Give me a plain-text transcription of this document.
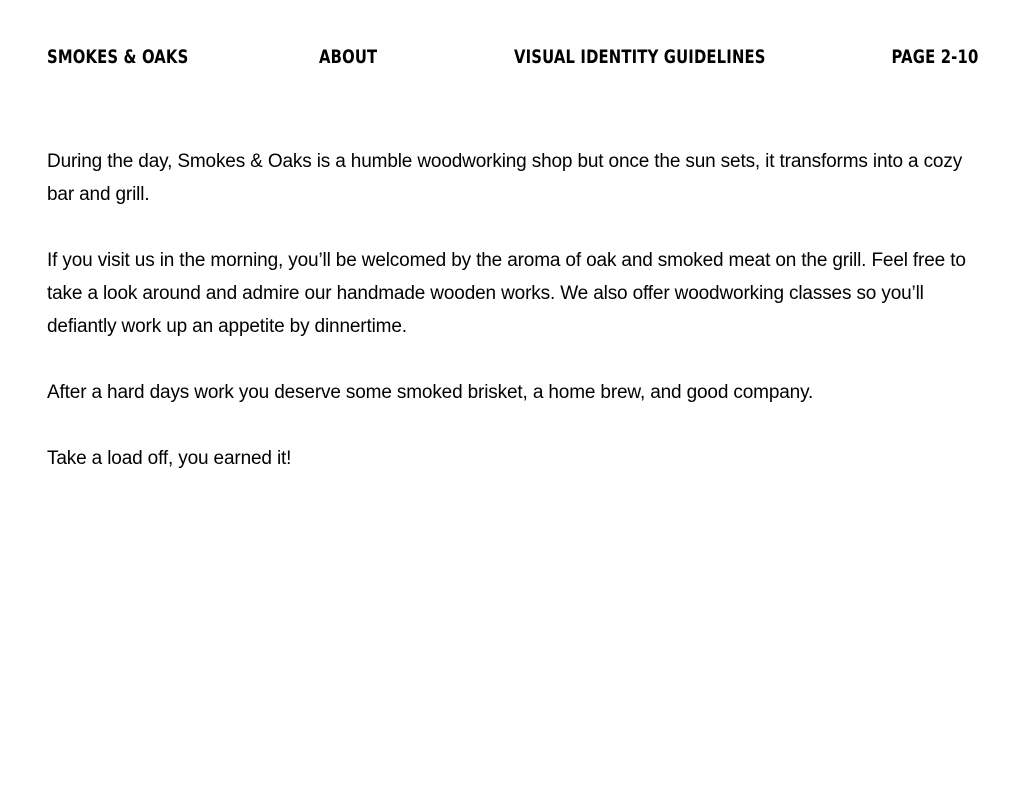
SMOKES & OAKS	ABOUT	VISUAL IDENTITY GUIDELINES	PAGE 2-10

During the day, Smokes & Oaks is a humble woodworking shop but once the sun sets, it transforms into a cozy bar and grill.

If you visit us in the morning, you’ll be welcomed by the aroma of oak and smoked meat on the grill. Feel free to take a look around and admire our handmade wooden works. We also offer woodworking classes so you’ll defiantly work up an appetite by dinnertime.

After a hard days work you deserve some smoked brisket, a home brew, and good company.

Take a load off, you earned it!
